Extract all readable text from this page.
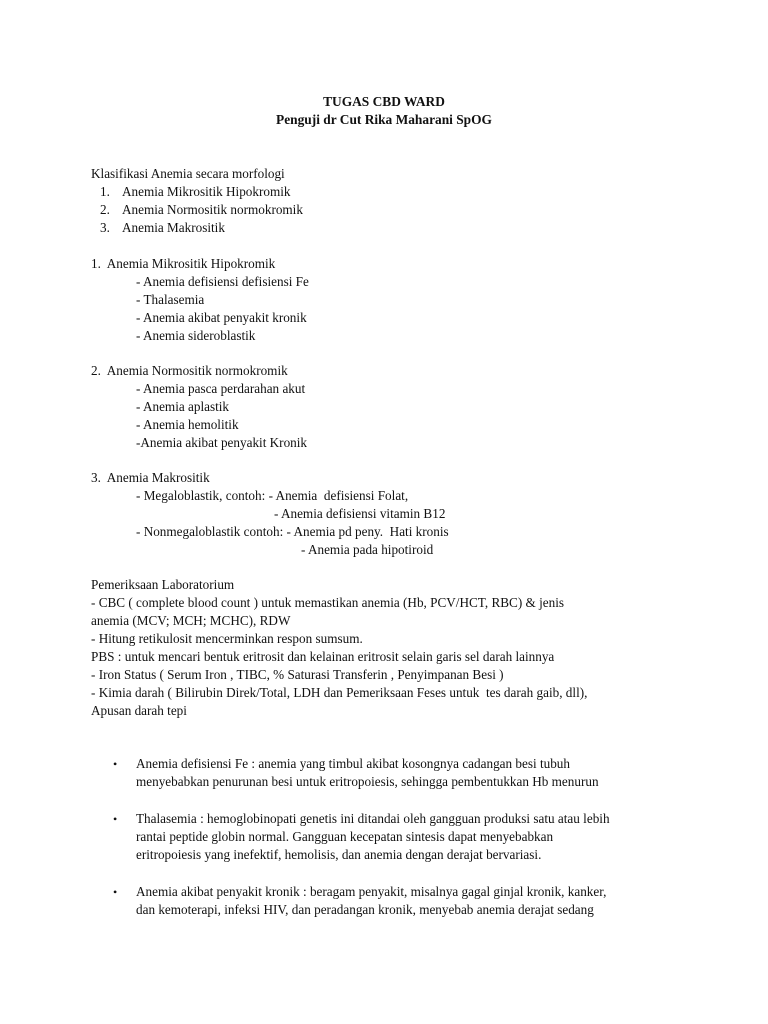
TUGAS CBD WARD
Penguji dr Cut Rika Maharani SpOG
Klasifikasi Anemia secara morfologi
1. Anemia Mikrositik Hipokromik
2. Anemia Normositik normokromik
3. Anemia Makrositik
1.  Anemia Mikrositik Hipokromik
- Anemia defisiensi defisiensi Fe
- Thalasemia
- Anemia akibat penyakit kronik
- Anemia sideroblastik
2.  Anemia Normositik normokromik
- Anemia pasca perdarahan akut
- Anemia aplastik
- Anemia hemolitik
-Anemia akibat penyakit Kronik
3.  Anemia Makrositik
- Megaloblastik, contoh: - Anemia  defisiensi Folat,
- Anemia defisiensi vitamin B12
- Nonmegaloblastik contoh: - Anemia pd peny.  Hati kronis
- Anemia pada hipotiroid
Pemeriksaan Laboratorium
- CBC ( complete blood count ) untuk memastikan anemia (Hb, PCV/HCT, RBC) & jenis
anemia (MCV; MCH; MCHC), RDW
- Hitung retikulosit mencerminkan respon sumsum.
PBS : untuk mencari bentuk eritrosit dan kelainan eritrosit selain garis sel darah lainnya
- Iron Status ( Serum Iron , TIBC, % Saturasi Transferin , Penyimpanan Besi )
- Kimia darah ( Bilirubin Direk/Total, LDH dan Pemeriksaan Feses untuk  tes darah gaib, dll),
Apusan darah tepi
• Anemia defisiensi Fe : anemia yang timbul akibat kosongnya cadangan besi tubuh
menyebabkan penurunan besi untuk eritropoiesis, sehingga pembentukkan Hb menurun
• Thalasemia : hemoglobinopati genetis ini ditandai oleh gangguan produksi satu atau lebih
rantai peptide globin normal. Gangguan kecepatan sintesis dapat menyebabkan
eritropoiesis yang inefektif, hemolisis, dan anemia dengan derajat bervariasi.
• Anemia akibat penyakit kronik : beragam penyakit, misalnya gagal ginjal kronik, kanker,
dan kemoterapi, infeksi HIV, dan peradangan kronik, menyebab anemia derajat sedang
